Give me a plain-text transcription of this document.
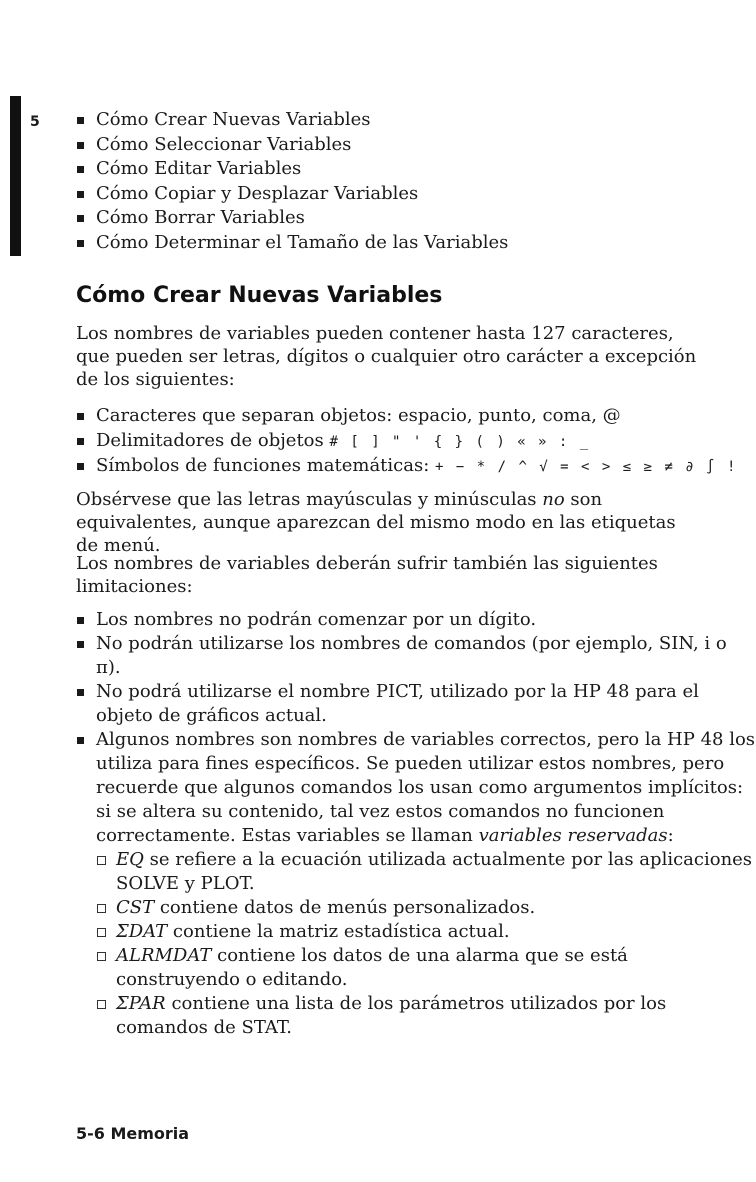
5	Cómo Crear Nuevas Variables
Cómo Seleccionar Variables
Cómo Editar Variables
Cómo Copiar y Desplazar Variables
Cómo Borrar Variables
Cómo Determinar el Tamaño de las Variables
Cómo Crear Nuevas Variables

Los nombres de variables pueden contener hasta 127 caracteres, que pueden ser letras, dígitos o cualquier otro carácter a excepción de los siguientes:

Caracteres que separan objetos: espacio, punto, coma, @
Delimitadores de objetos # [ ] " ' { } ( ) « » : _
Símbolos de funciones matemáticas: + − * / ^ √ = < > ≤ ≥ ≠ ∂ ∫ !

Obsérvese que las letras mayúsculas y minúsculas no son equivalentes, aunque aparezcan del mismo modo en las etiquetas de menú.

Los nombres de variables deberán sufrir también las siguientes limitaciones:

Los nombres no podrán comenzar por un dígito.
No podrán utilizarse los nombres de comandos (por ejemplo, SIN, i o π).
No podrá utilizarse el nombre PICT, utilizado por la HP 48 para el objeto de gráficos actual.
Algunos nombres son nombres de variables correctos, pero la HP 48 los utiliza para fines específicos. Se pueden utilizar estos nombres, pero recuerde que algunos comandos los usan como argumentos implícitos: si se altera su contenido, tal vez estos comandos no funcionen correctamente. Estas variables se llaman variables reservadas:
EQ se refiere a la ecuación utilizada actualmente por las aplicaciones SOLVE y PLOT.
CST contiene datos de menús personalizados.
ΣDAT contiene la matriz estadística actual.
ALRMDAT contiene los datos de una alarma que se está construyendo o editando.
ΣPAR contiene una lista de los parámetros utilizados por los comandos de STAT.
5-6 Memoria
